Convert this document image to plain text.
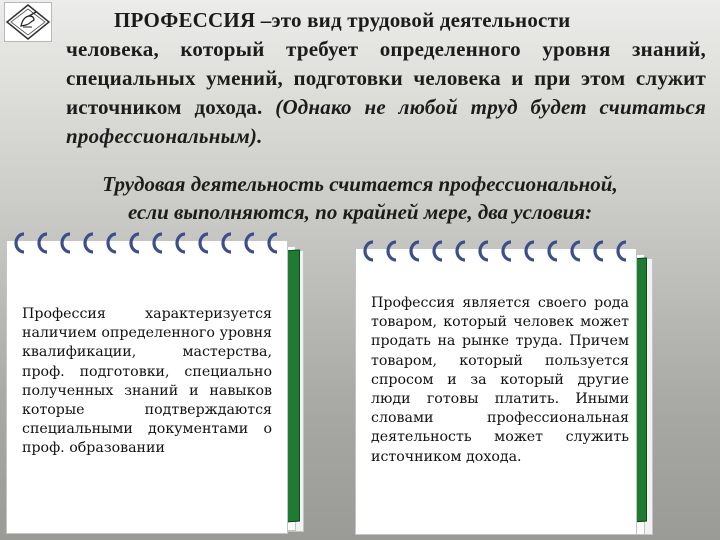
ПРОФЕССИЯ –это вид трудовой деятельности
человека, который требует определенного уровня знаний, специальных умений, подготовки человека и при этом служит источником дохода. (Однако не любой труд будет считаться профессиональным).
Трудовая деятельность считается профессиональной,
если выполняются, по крайней мере, два условия:
Профессия характеризуется наличием определенного уровня квалификации, мастерства, проф. подготовки, специально полученных знаний и навыков которые подтверждаются специальными документами о проф. образовании
Профессия является своего рода товаром, который человек может продать на рынке труда. Причем товаром, который пользуется спросом и за который другие люди готовы платить. Иными словами профессиональная деятельность может служить источником дохода.
